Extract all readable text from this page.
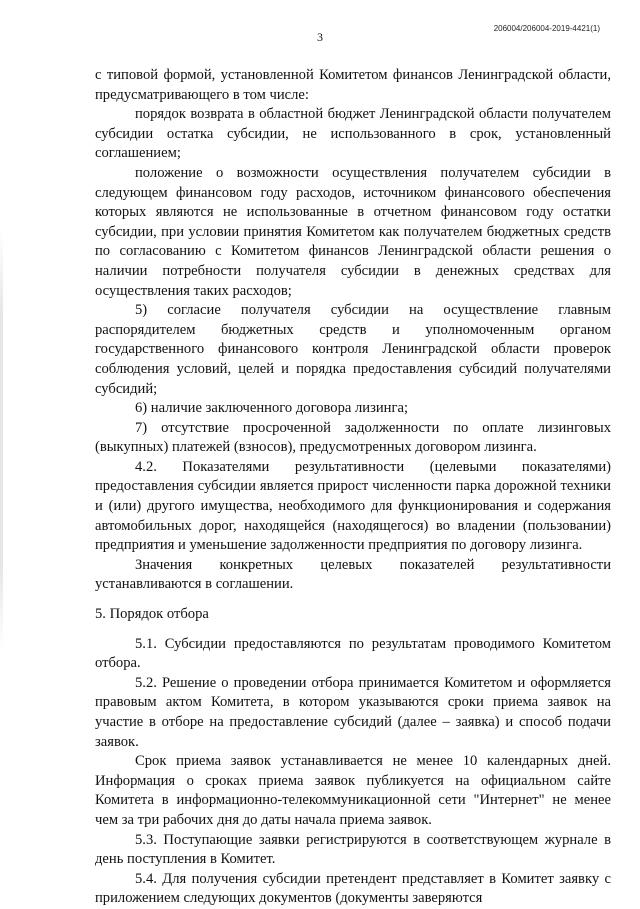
3
206004/206004-2019-4421(1)

с типовой формой, установленной Комитетом финансов Ленинградской области, предусматривающего в том числе:

порядок возврата в областной бюджет Ленинградской области получателем субсидии остатка субсидии, не использованного в срок, установленный соглашением;

положение о возможности осуществления получателем субсидии в следующем финансовом году расходов, источником финансового обеспечения которых являются не использованные в отчетном финансовом году остатки субсидии, при условии принятия Комитетом как получателем бюджетных средств по согласованию с Комитетом финансов Ленинградской области решения о наличии потребности получателя субсидии в денежных средствах для осуществления таких расходов;

5) согласие получателя субсидии на осуществление главным распорядителем бюджетных средств и уполномоченным органом государственного финансового контроля Ленинградской области проверок соблюдения условий, целей и порядка предоставления субсидий получателями субсидий;

6) наличие заключенного договора лизинга;

7) отсутствие просроченной задолженности по оплате лизинговых (выкупных) платежей (взносов), предусмотренных договором лизинга.

4.2. Показателями результативности (целевыми показателями) предоставления субсидии является прирост численности парка дорожной техники и (или) другого имущества, необходимого для функционирования и содержания автомобильных дорог, находящейся (находящегося) во владении (пользовании) предприятия и уменьшение задолженности предприятия по договору лизинга.

Значения конкретных целевых показателей результативности устанавливаются в соглашении.

5. Порядок отбора

5.1. Субсидии предоставляются по результатам проводимого Комитетом отбора.

5.2. Решение о проведении отбора принимается Комитетом и оформляется правовым актом Комитета, в котором указываются сроки приема заявок на участие в отборе на предоставление субсидий (далее – заявка) и способ подачи заявок.

Срок приема заявок устанавливается не менее 10 календарных дней. Информация о сроках приема заявок публикуется на официальном сайте Комитета в информационно-телекоммуникационной сети "Интернет" не менее чем за три рабочих дня до даты начала приема заявок.

5.3. Поступающие заявки регистрируются в соответствующем журнале в день поступления в Комитет.

5.4. Для получения субсидии претендент представляет в Комитет заявку с приложением следующих документов (документы заверяются
